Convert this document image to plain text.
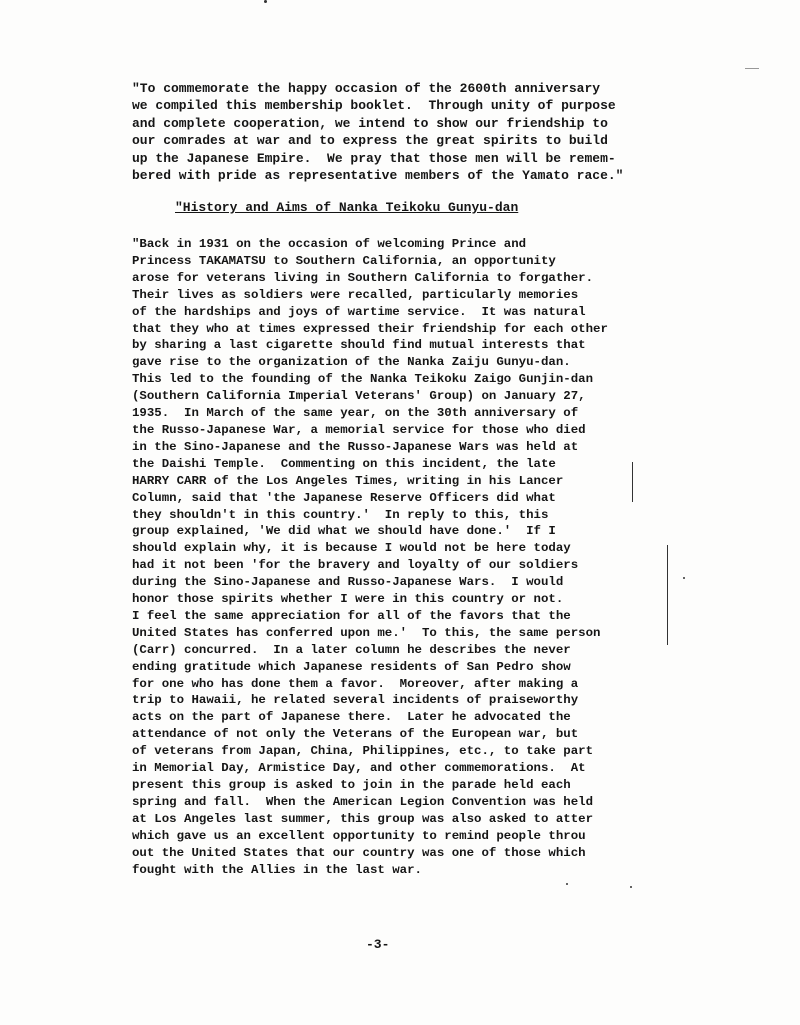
"To commemorate the happy occasion of the 2600th anniversary
we compiled this membership booklet.  Through unity of purpose
and complete cooperation, we intend to show our friendship to
our comrades at war and to express the great spirits to build
up the Japanese Empire.  We pray that those men will be remem-
bered with pride as representative members of the Yamato race."
"History and Aims of Nanka Teikoku Gunyu-dan
"Back in 1931 on the occasion of welcoming Prince and
Princess TAKAMATSU to Southern California, an opportunity
arose for veterans living in Southern California to forgather.
Their lives as soldiers were recalled, particularly memories
of the hardships and joys of wartime service.  It was natural
that they who at times expressed their friendship for each other
by sharing a last cigarette should find mutual interests that
gave rise to the organization of the Nanka Zaiju Gunyu-dan.
This led to the founding of the Nanka Teikoku Zaigo Gunjin-dan
(Southern California Imperial Veterans' Group) on January 27,
1935.  In March of the same year, on the 30th anniversary of
the Russo-Japanese War, a memorial service for those who died
in the Sino-Japanese and the Russo-Japanese Wars was held at
the Daishi Temple.  Commenting on this incident, the late
HARRY CARR of the Los Angeles Times, writing in his Lancer
Column, said that 'the Japanese Reserve Officers did what
they shouldn't in this country.'  In reply to this, this
group explained, 'We did what we should have done.'  If I
should explain why, it is because I would not be here today
had it not been 'for the bravery and loyalty of our soldiers
during the Sino-Japanese and Russo-Japanese Wars.  I would
honor those spirits whether I were in this country or not.
I feel the same appreciation for all of the favors that the
United States has conferred upon me.'  To this, the same person
(Carr) concurred.  In a later column he describes the never
ending gratitude which Japanese residents of San Pedro show
for one who has done them a favor.  Moreover, after making a
trip to Hawaii, he related several incidents of praiseworthy
acts on the part of Japanese there.  Later he advocated the
attendance of not only the Veterans of the European war, but
of veterans from Japan, China, Philippines, etc., to take part
in Memorial Day, Armistice Day, and other commemorations.  At
present this group is asked to join in the parade held each
spring and fall.  When the American Legion Convention was held
at Los Angeles last summer, this group was also asked to atter
which gave us an excellent opportunity to remind people throu
out the United States that our country was one of those which
fought with the Allies in the last war.
-3-
